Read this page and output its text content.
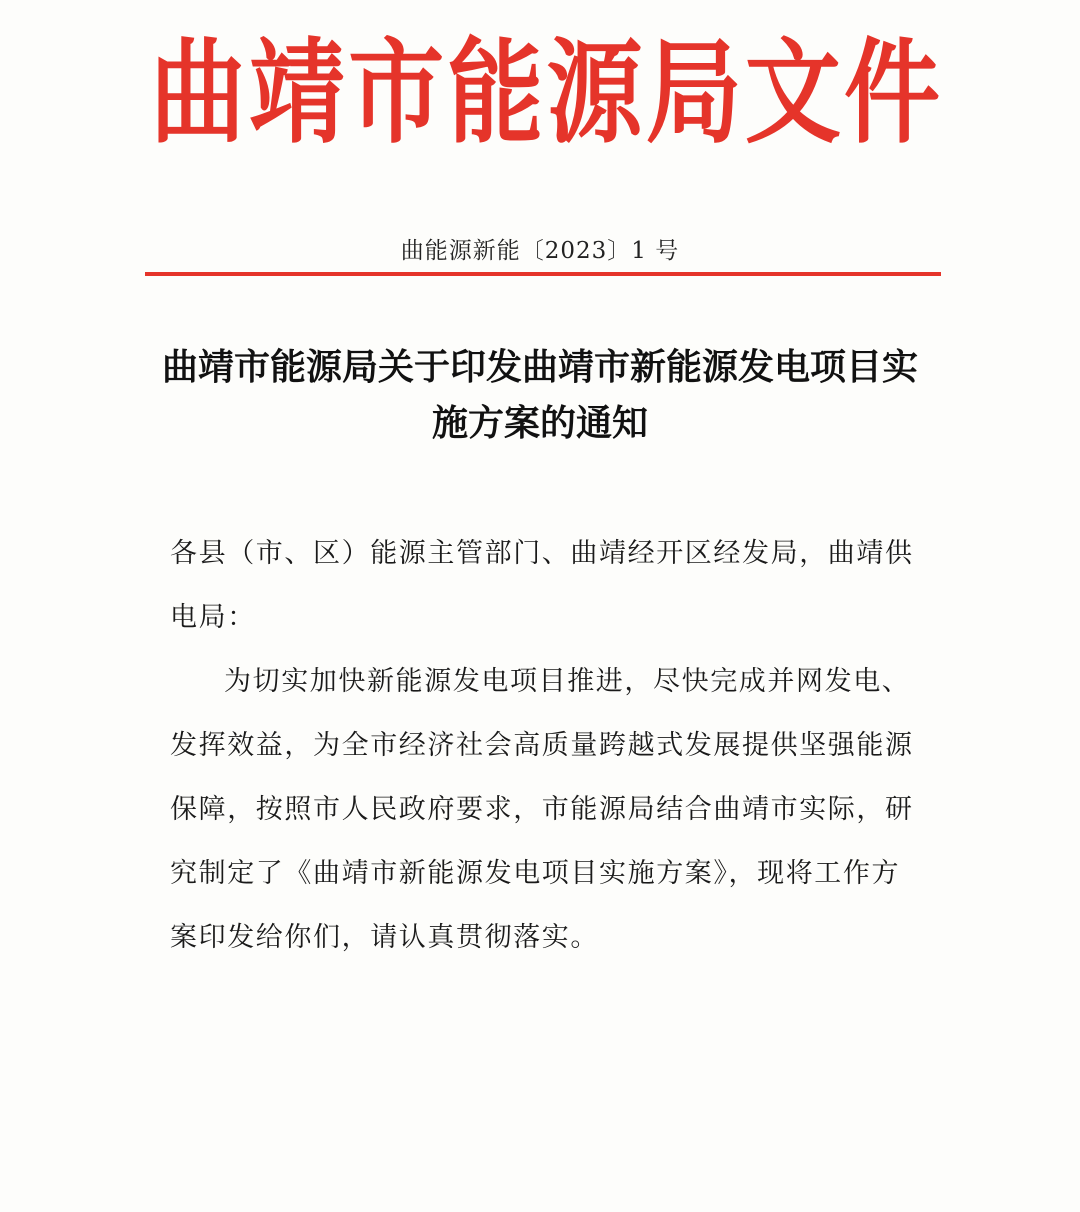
曲 靖 市 能 源 局 文 件
曲能源新能〔2023〕1 号
曲靖市能源局关于印发曲靖市新能源发电项目实施方案的通知

各县（市、区）能源主管部门、曲靖经开区经发局，曲靖供电局：

为切实加快新能源发电项目推进，尽快完成并网发电、发挥效益，为全市经济社会高质量跨越式发展提供坚强能源保障，按照市人民政府要求，市能源局结合曲靖市实际，研究制定了《曲靖市新能源发电项目实施方案》，现将工作方案印发给你们，请认真贯彻落实。
